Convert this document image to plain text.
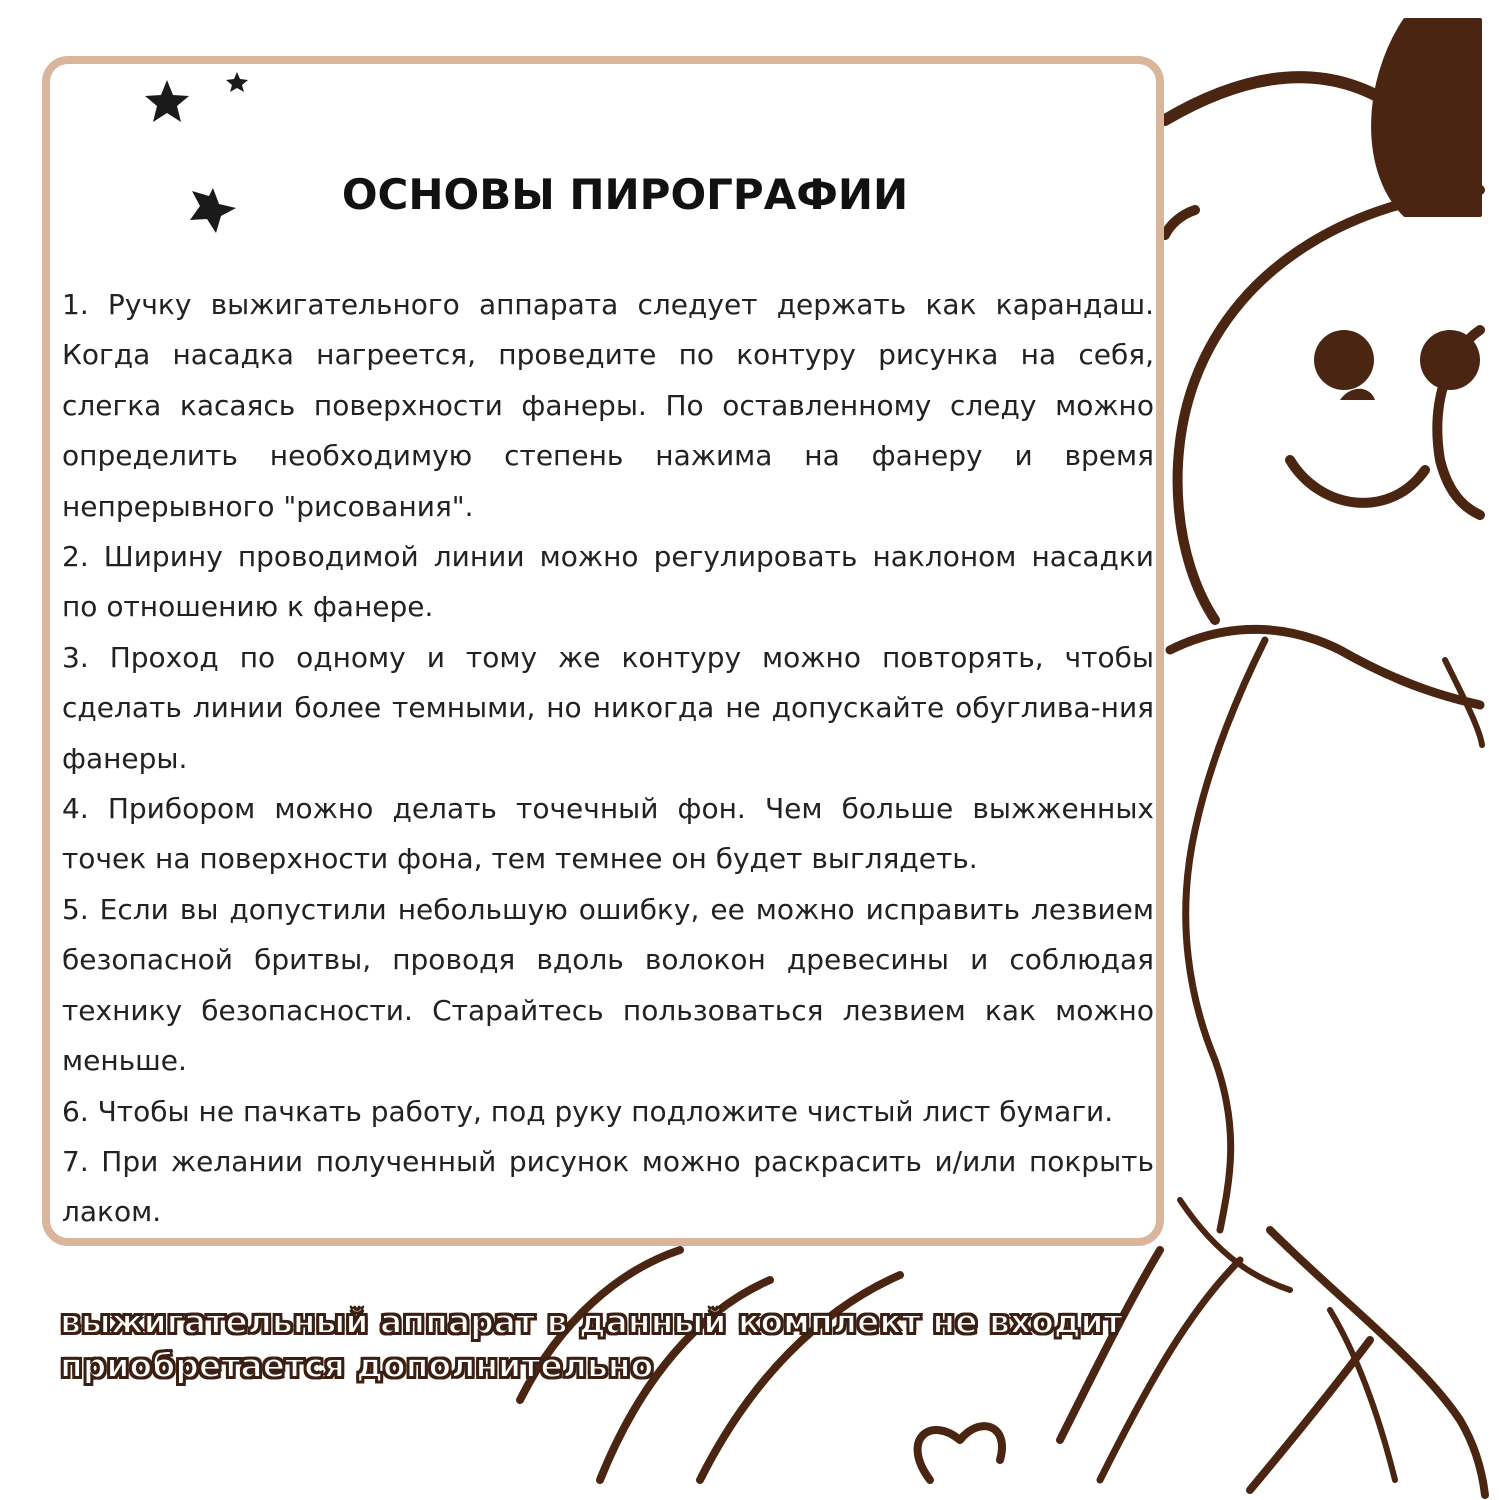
ОСНОВЫ ПИРОГРАФИИ

1. Ручку выжигательного аппарата следует держать как карандаш. Когда насадка нагреется, проведите по контуру рисунка на себя, слегка касаясь поверхности фанеры. По оставленному следу можно определить необходимую степень нажима на фанеру и время непрерывного "рисования".

2. Ширину проводимой линии можно регулировать наклоном насадки по отношению к фанере.

3. Проход по одному и тому же контуру можно повторять, чтобы сделать линии более темными, но никогда не допускайте обуглива-ния фанеры.

4. Прибором можно делать точечный фон. Чем больше выжженных точек на поверхности фона, тем темнее он будет выглядеть.

5. Если вы допустили небольшую ошибку, ее можно исправить лезвием безопасной бритвы, проводя вдоль волокон древесины и соблюдая технику безопасности. Старайтесь пользоваться лезвием как можно меньше.

6. Чтобы не пачкать работу, под руку подложите чистый лист бумаги.

7. При желании полученный рисунок можно раскрасить и/или покрыть лаком.

выжигательный аппарат в данный комплект не входит
приобретается дополнительно
